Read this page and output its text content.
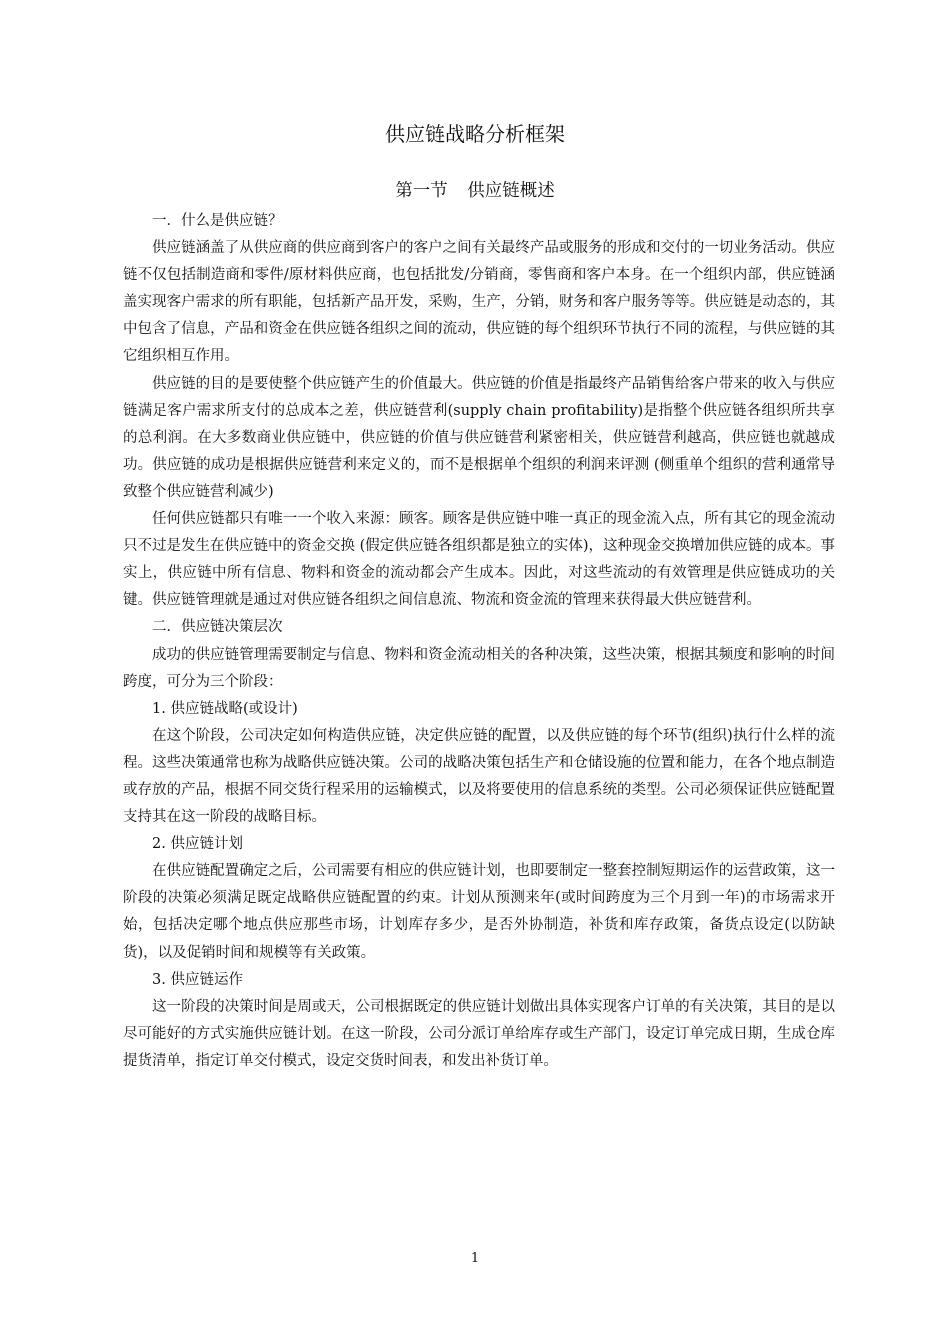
供应链战略分析框架
第一节 供应链概述

一．什么是供应链？

供应链涵盖了从供应商的供应商到客户的客户之间有关最终产品或服务的形成和交付的一切业务活动。供应链不仅包括制造商和零件/原材料供应商，也包括批发/分销商，零售商和客户本身。在一个组织内部，供应链涵盖实现客户需求的所有职能，包括新产品开发，采购，生产，分销，财务和客户服务等等。供应链是动态的，其中包含了信息，产品和资金在供应链各组织之间的流动，供应链的每个组织环节执行不同的流程，与供应链的其它组织相互作用。

供应链的目的是要使整个供应链产生的价值最大。供应链的价值是指最终产品销售给客户带来的收入与供应链满足客户需求所支付的总成本之差，供应链营利(supply chain profitability)是指整个供应链各组织所共享的总利润。在大多数商业供应链中，供应链的价值与供应链营利紧密相关，供应链营利越高，供应链也就越成功。供应链的成功是根据供应链营利来定义的，而不是根据单个组织的利润来评测 (侧重单个组织的营利通常导致整个供应链营利减少)

任何供应链都只有唯一一个收入来源：顾客。顾客是供应链中唯一真正的现金流入点，所有其它的现金流动只不过是发生在供应链中的资金交换 (假定供应链各组织都是独立的实体)，这种现金交换增加供应链的成本。事实上，供应链中所有信息、物料和资金的流动都会产生成本。因此，对这些流动的有效管理是供应链成功的关键。供应链管理就是通过对供应链各组织之间信息流、物流和资金流的管理来获得最大供应链营利。

二．供应链决策层次

成功的供应链管理需要制定与信息、物料和资金流动相关的各种决策，这些决策，根据其频度和影响的时间跨度，可分为三个阶段：

1. 供应链战略(或设计)

在这个阶段，公司决定如何构造供应链，决定供应链的配置，以及供应链的每个环节(组织)执行什么样的流程。这些决策通常也称为战略供应链决策。公司的战略决策包括生产和仓储设施的位置和能力，在各个地点制造或存放的产品，根据不同交货行程采用的运输模式，以及将要使用的信息系统的类型。公司必须保证供应链配置支持其在这一阶段的战略目标。

2. 供应链计划

在供应链配置确定之后，公司需要有相应的供应链计划，也即要制定一整套控制短期运作的运营政策，这一阶段的决策必须满足既定战略供应链配置的约束。计划从预测来年(或时间跨度为三个月到一年)的市场需求开始，包括决定哪个地点供应那些市场，计划库存多少，是否外协制造，补货和库存政策，备货点设定(以防缺货)，以及促销时间和规模等有关政策。

3. 供应链运作

这一阶段的决策时间是周或天，公司根据既定的供应链计划做出具体实现客户订单的有关决策，其目的是以尽可能好的方式实施供应链计划。在这一阶段，公司分派订单给库存或生产部门，设定订单完成日期，生成仓库提货清单，指定订单交付模式，设定交货时间表，和发出补货订单。

1
